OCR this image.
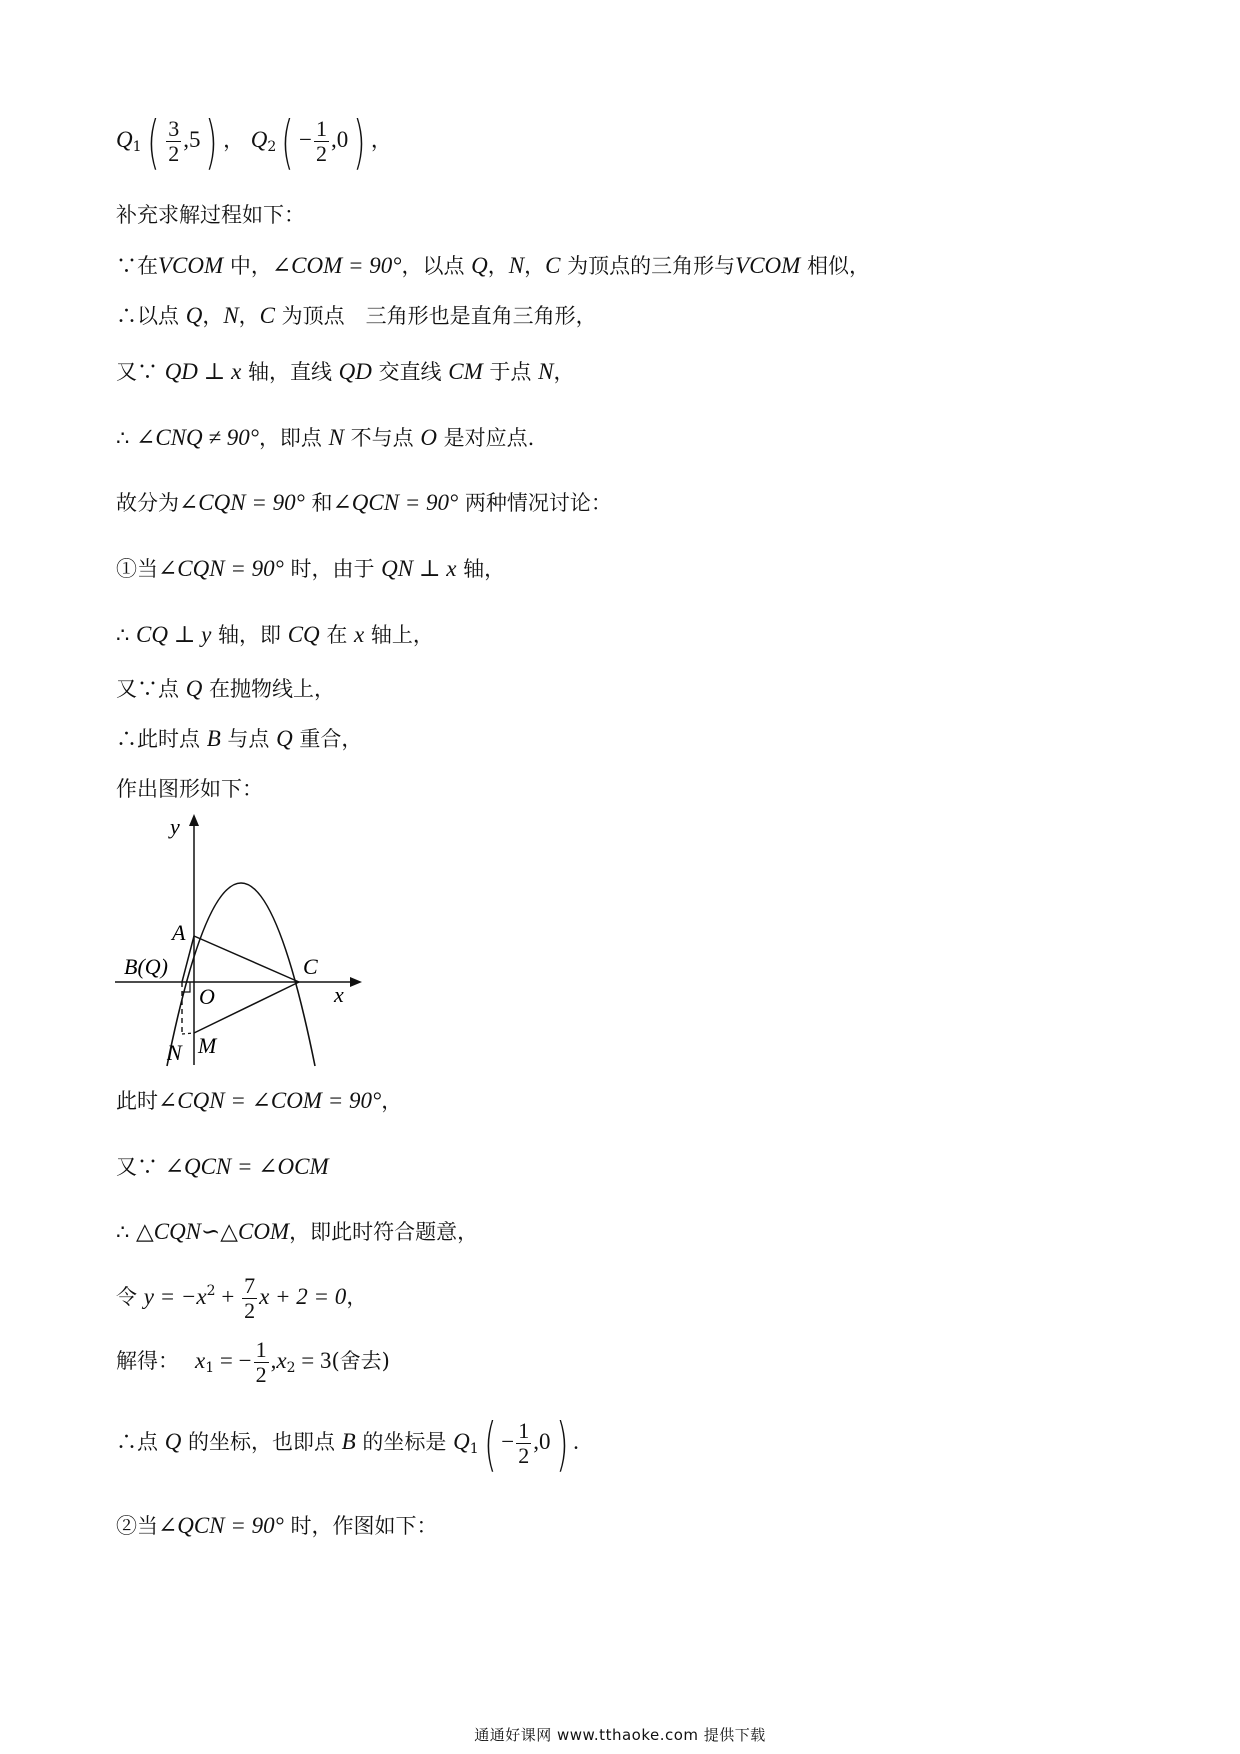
$Q_1( \frac{3}{2} ,5)$ ， $Q_2( - \frac{1}{2} ,0)$ ，
补充求解过程如下：
∵在VCOM 中，∠COM = 90°，以点 Q，N，C 为顶点的三角形与VCOM 相似，
∴以点 Q，N，C 为顶点　三角形也是直角三角形，
又∵ QD ⊥ x 轴，直线 QD 交直线 CM 于点 N，
∴ ∠CNQ ≠ 90°，即点 N 不与点 O 是对应点.
故分为∠CQN = 90° 和∠QCN = 90° 两种情况讨论：
①当∠CQN = 90° 时，由于 QN ⊥ x 轴，
∴ CQ ⊥ y 轴，即 CQ 在 x 轴上，
又∵点 Q 在抛物线上，
∴此时点 B 与点 Q 重合，
作出图形如下：
y
x
A
B(Q)	C
O
M
N
此时∠CQN = ∠COM = 90°，
又∵ ∠QCN = ∠OCM
∴ △CQN∽△COM，即此时符合题意，
令 $y = -x^2 + \frac{7}{2}$ x + 2 = 0，
解得： $x_1$ = − $\frac{1}{2} ,x_2 = 3$(舍去)
∴点 Q 的坐标，也即点 B 的坐标是 $Q_1( - \frac{1}{2} ,0)$ .
②当∠QCN = 90° 时，作图如下：
通通好课网 www.tthaoke.com 提供下载
